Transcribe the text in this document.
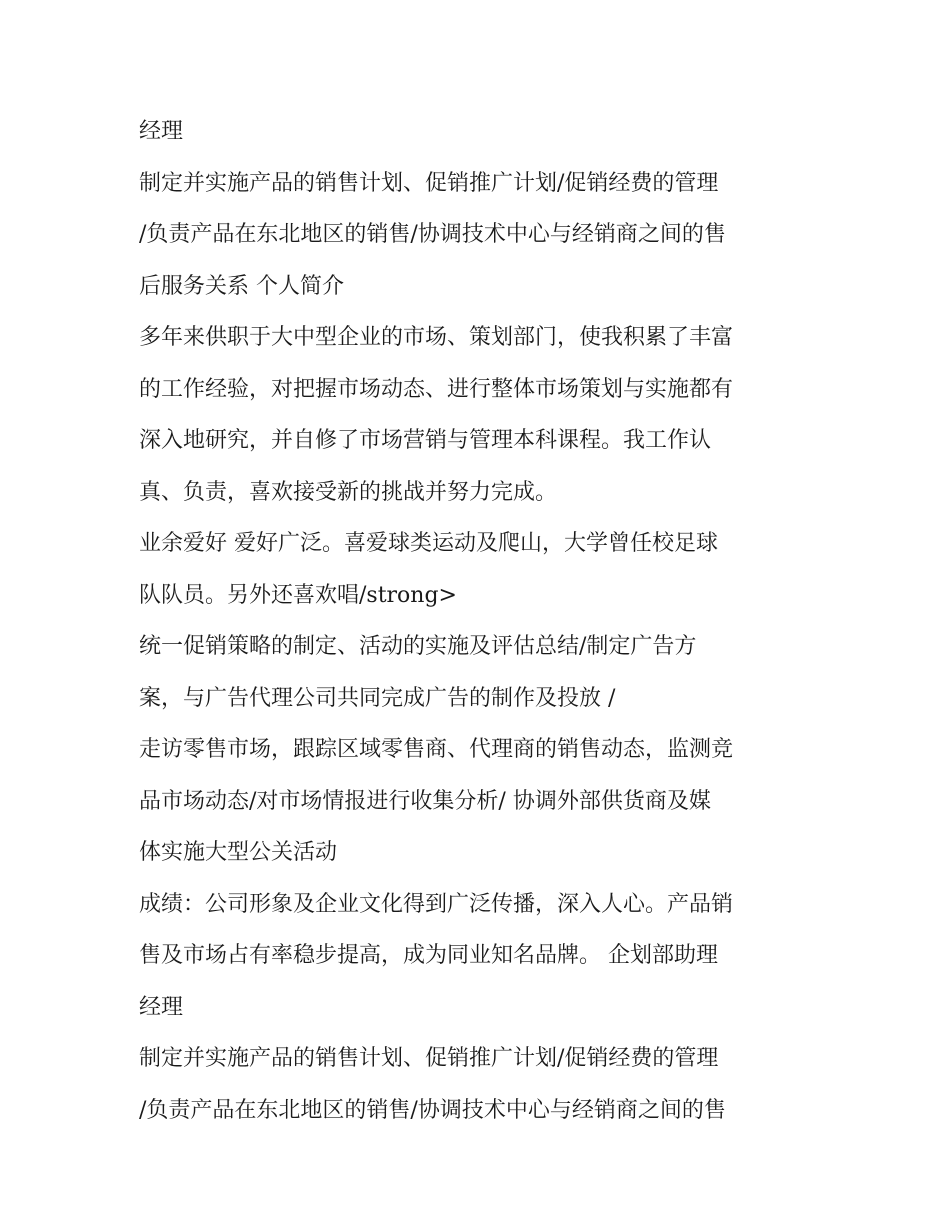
经理
制定并实施产品的销售计划、促销推广计划/促销经费的管理
/负责产品在东北地区的销售/协调技术中心与经销商之间的售
后服务关系 个人简介
多年来供职于大中型企业的市场、策划部门，使我积累了丰富
的工作经验，对把握市场动态、进行整体市场策划与实施都有
深入地研究，并自修了市场营销与管理本科课程。我工作认
真、负责，喜欢接受新的挑战并努力完成。
业余爱好 爱好广泛。喜爱球类运动及爬山，大学曾任校足球
队队员。另外还喜欢唱/strong>
统一促销策略的制定、活动的实施及评估总结/制定广告方
案，与广告代理公司共同完成广告的制作及投放 /
走访零售市场，跟踪区域零售商、代理商的销售动态，监测竞
品市场动态/对市场情报进行收集分析/ 协调外部供货商及媒
体实施大型公关活动
成绩：公司形象及企业文化得到广泛传播，深入人心。产品销
售及市场占有率稳步提高，成为同业知名品牌。 企划部助理
经理
制定并实施产品的销售计划、促销推广计划/促销经费的管理
/负责产品在东北地区的销售/协调技术中心与经销商之间的售
